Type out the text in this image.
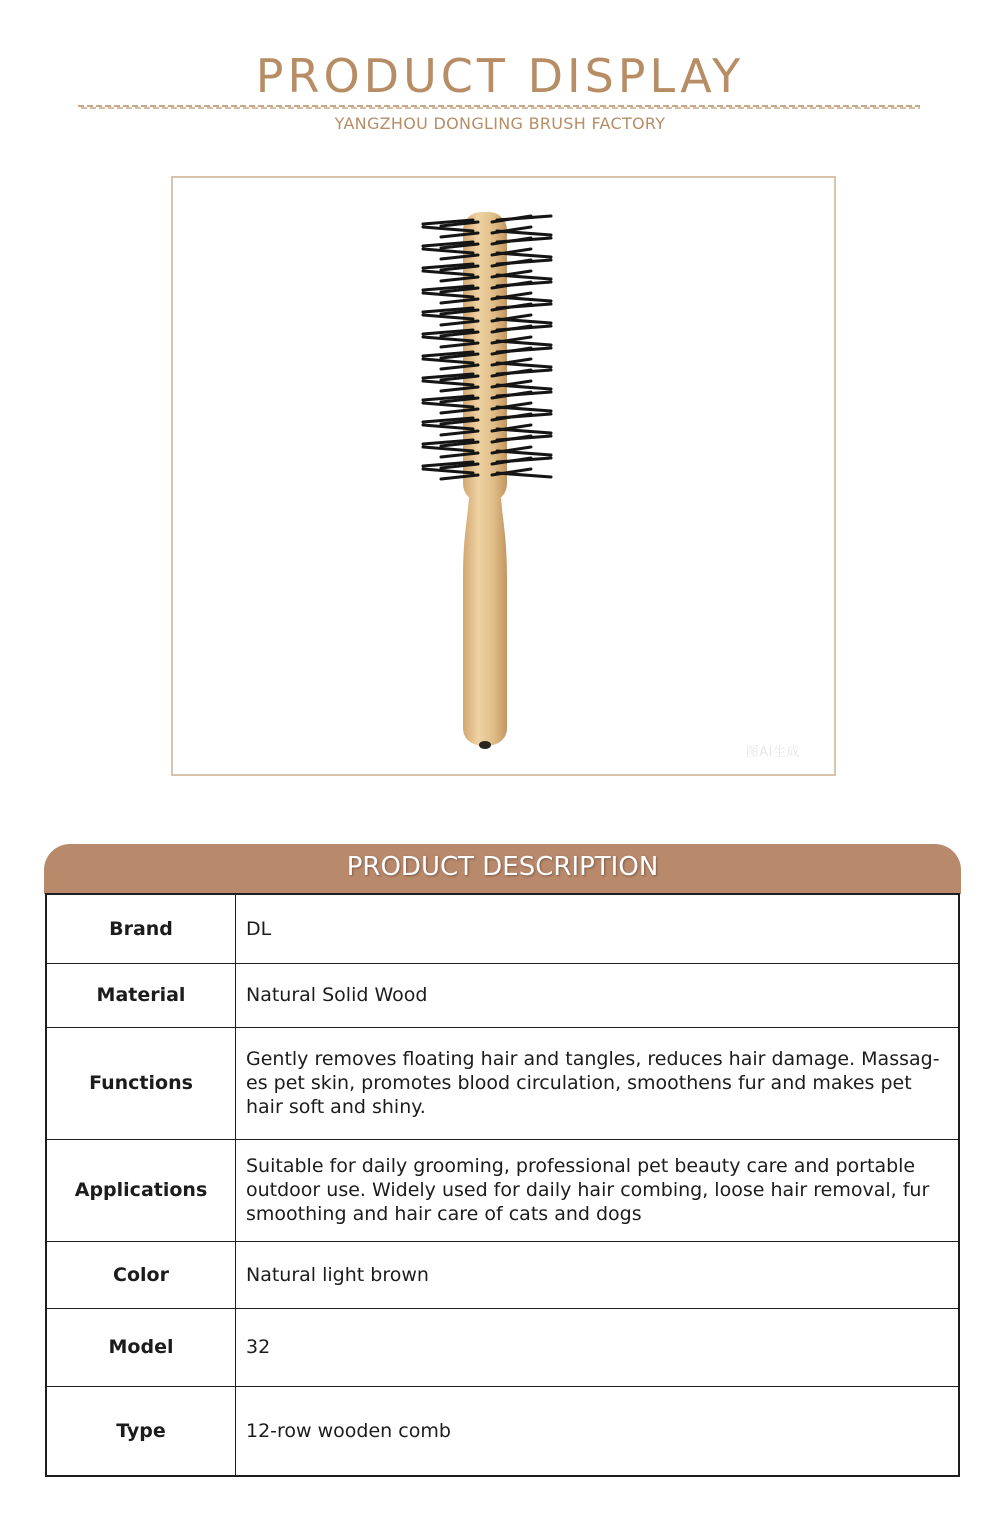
PRODUCT DISPLAY
YANGZHOU DONGLING BRUSH FACTORY
图AI生成
PRODUCT DESCRIPTION
Brand	DL
Material	Natural Solid Wood
Functions	Gently removes floating hair and tangles, reduces hair damage. Massag-es pet skin, promotes blood circulation, smoothens fur and makes pet hair soft and shiny.
Applications	Suitable for daily grooming, professional pet beauty care and portable outdoor use. Widely used for daily hair combing, loose hair removal, fur smoothing and hair care of cats and dogs
Color	Natural light brown
Model	32
Type	12-row wooden comb
